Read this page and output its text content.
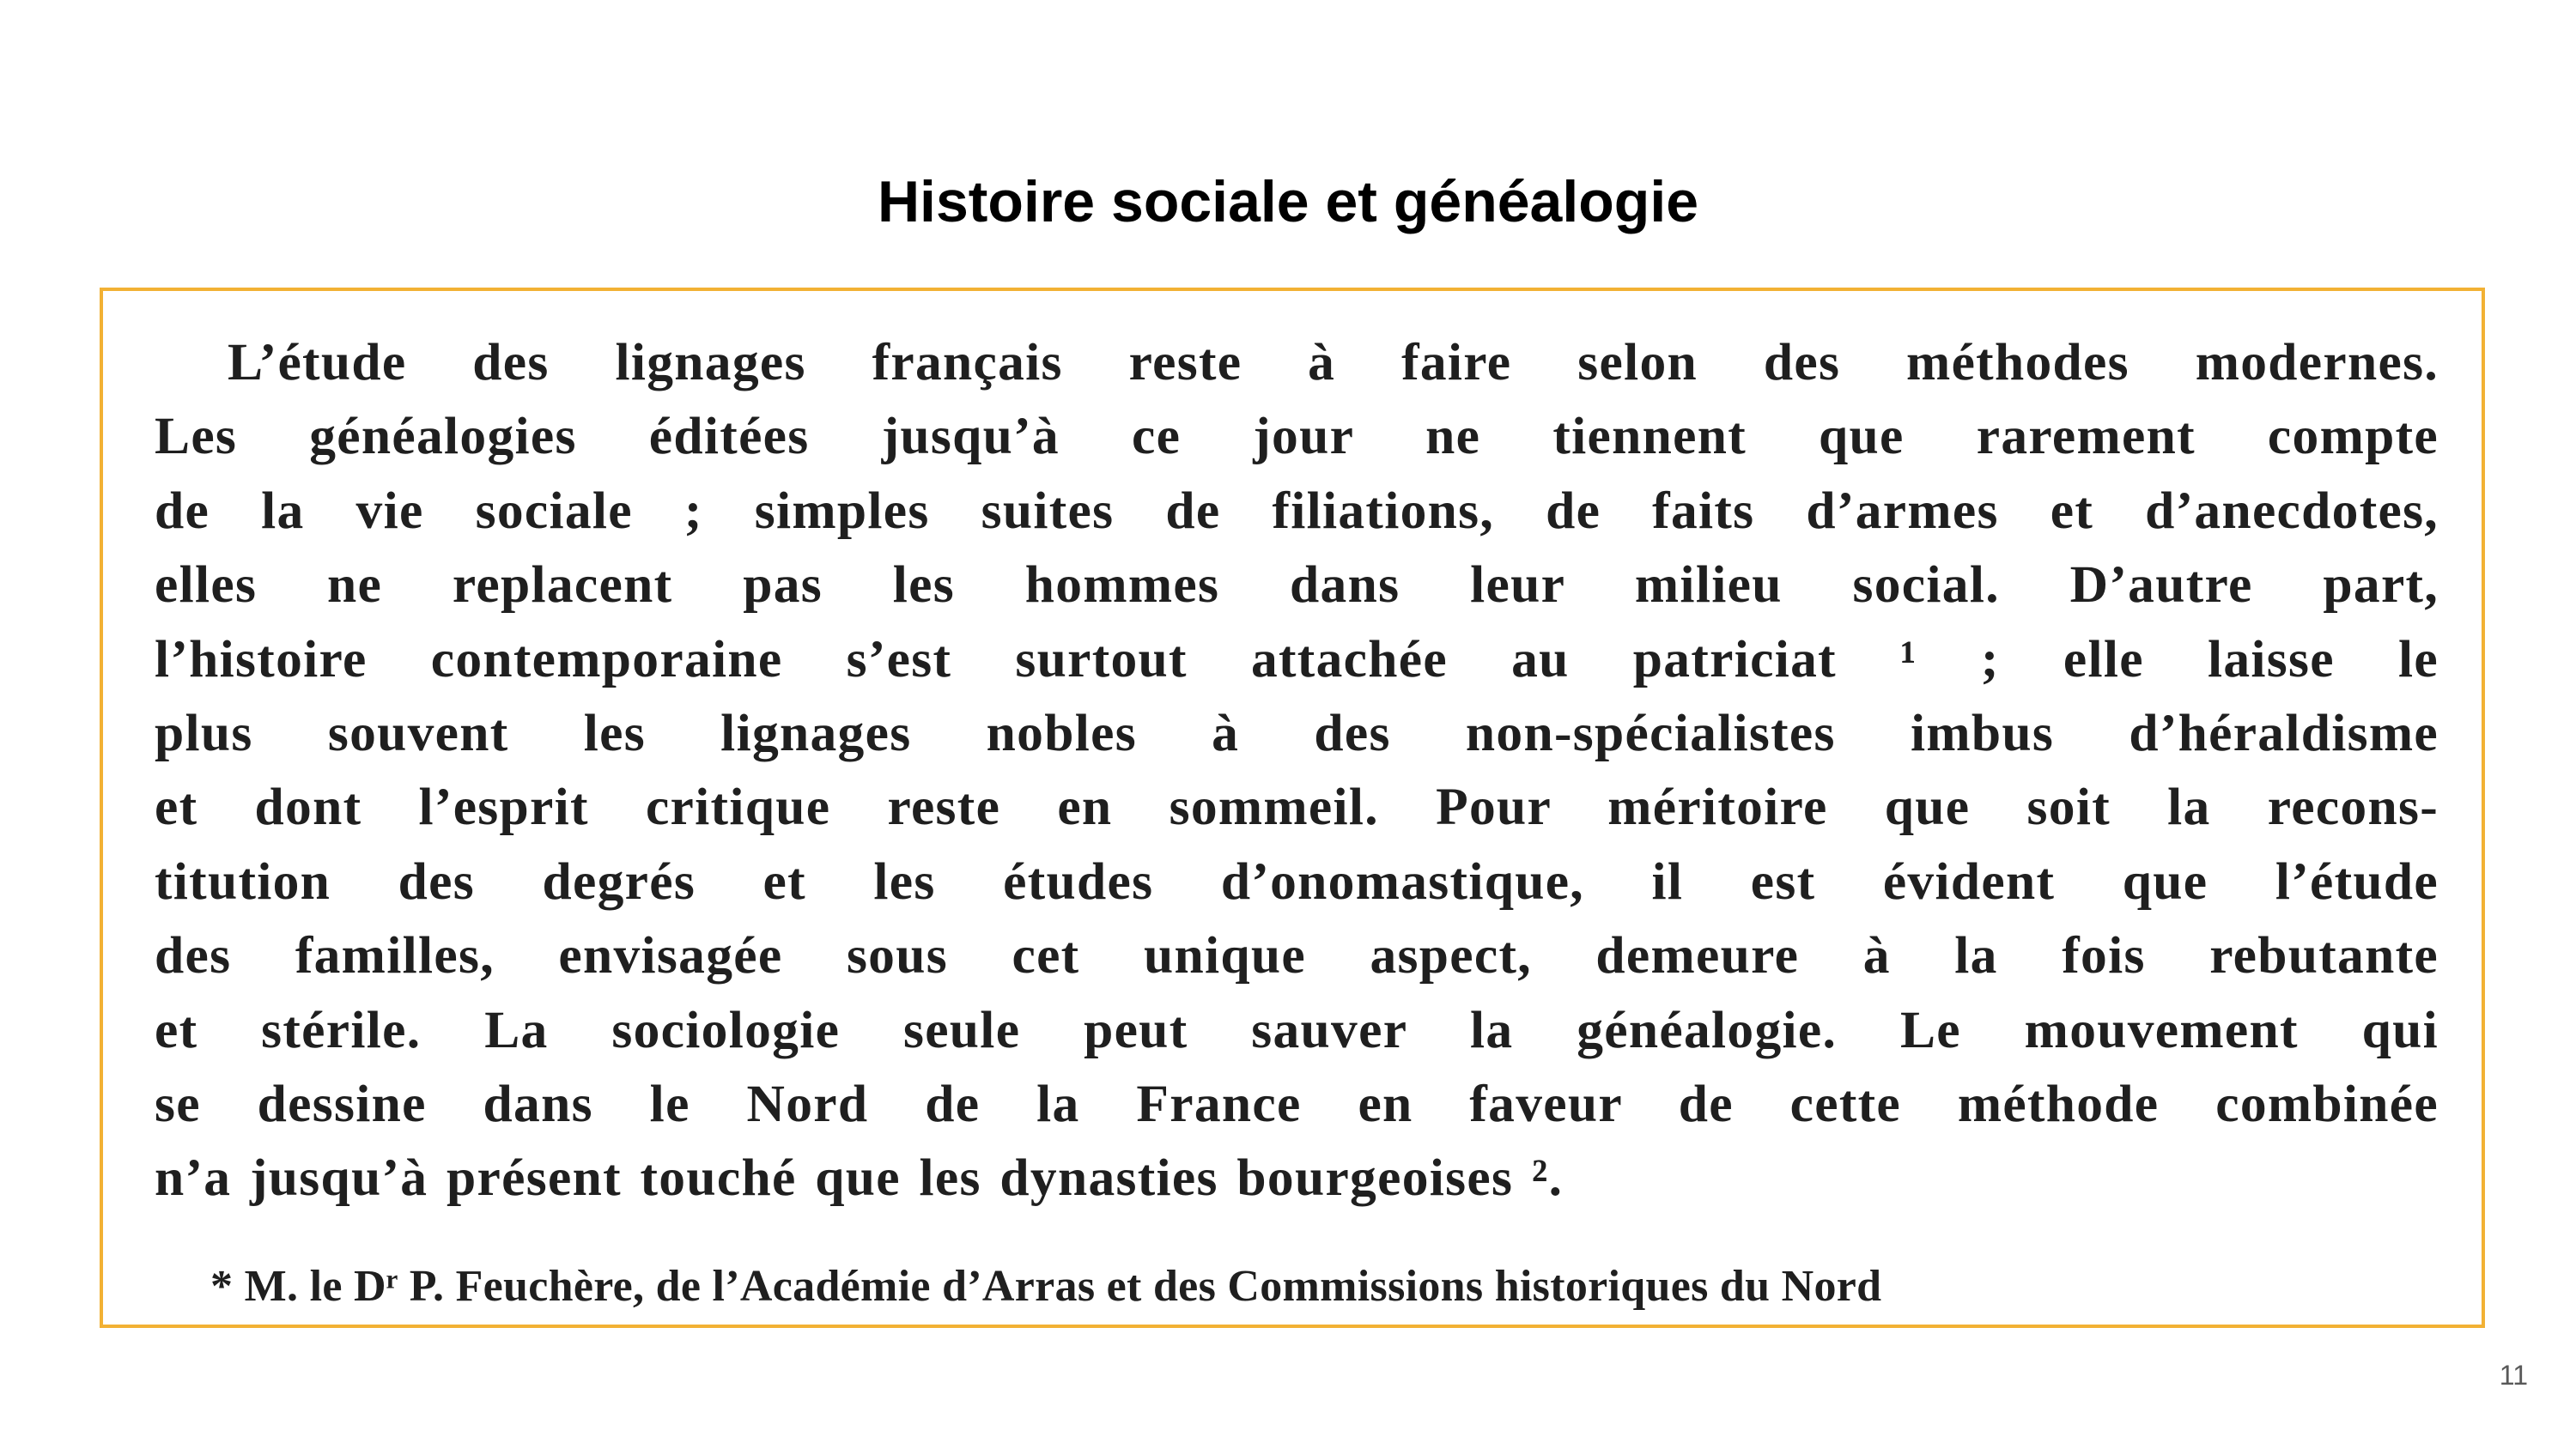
Histoire sociale et généalogie
L’étude des lignages français reste à faire selon des méthodes modernes.
Les généalogies éditées jusqu’à ce jour ne tiennent que rarement compte
de la vie sociale ; simples suites de filiations, de faits d’armes et d’anecdotes,
elles ne replacent pas les hommes dans leur milieu social. D’autre part,
l’histoire contemporaine s’est surtout attachée au patriciat ¹ ; elle laisse le
plus souvent les lignages nobles à des non-spécialistes imbus d’héraldisme
et dont l’esprit critique reste en sommeil. Pour méritoire que soit la recons-
titution des degrés et les études d’onomastique, il est évident que l’étude
des familles, envisagée sous cet unique aspect, demeure à la fois rebutante
et stérile. La sociologie seule peut sauver la généalogie. Le mouvement qui
se dessine dans le Nord de la France en faveur de cette méthode combinée
n’a jusqu’à présent touché que les dynasties bourgeoises ².
* M. le Dʳ P. Feuchère, de l’Académie d’Arras et des Commissions historiques du Nord
11
